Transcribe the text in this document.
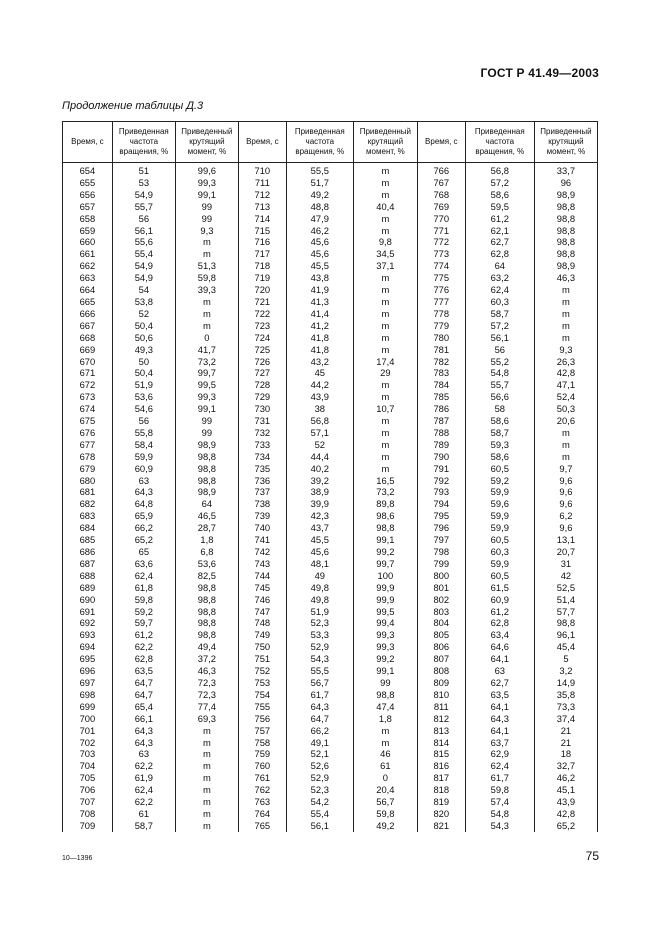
ГОСТ Р 41.49—2003
Продолжение таблицы Д.3
Время, с	Приведенная частота вращения, %	Приведенный крутящий момент, %	Время, с	Приведенная частота вращения, %	Приведенный крутящий момент, %	Время, с	Приведенная частота вращения, %	Приведенный крутящий момент, %
654	51	99,6	710	55,5	m	766	56,8	33,7
655	53	99,3	711	51,7	m	767	57,2	96
656	54,9	99,1	712	49,2	m	768	58,6	98,9
657	55,7	99	713	48,8	40,4	769	59,5	98,8
658	56	99	714	47,9	m	770	61,2	98,8
659	56,1	9,3	715	46,2	m	771	62,1	98,8
660	55,6	m	716	45,6	9,8	772	62,7	98,8
661	55,4	m	717	45,6	34,5	773	62,8	98,8
662	54,9	51,3	718	45,5	37,1	774	64	98,9
663	54,9	59,8	719	43,8	m	775	63,2	46,3
664	54	39,3	720	41,9	m	776	62,4	m
665	53,8	m	721	41,3	m	777	60,3	m
666	52	m	722	41,4	m	778	58,7	m
667	50,4	m	723	41,2	m	779	57,2	m
668	50,6	0	724	41,8	m	780	56,1	m
669	49,3	41,7	725	41,8	m	781	56	9,3
670	50	73,2	726	43,2	17,4	782	55,2	26,3
671	50,4	99,7	727	45	29	783	54,8	42,8
672	51,9	99,5	728	44,2	m	784	55,7	47,1
673	53,6	99,3	729	43,9	m	785	56,6	52,4
674	54,6	99,1	730	38	10,7	786	58	50,3
675	56	99	731	56,8	m	787	58,6	20,6
676	55,8	99	732	57,1	m	788	58,7	m
677	58,4	98,9	733	52	m	789	59,3	m
678	59,9	98,8	734	44,4	m	790	58,6	m
679	60,9	98,8	735	40,2	m	791	60,5	9,7
680	63	98,8	736	39,2	16,5	792	59,2	9,6
681	64,3	98,9	737	38,9	73,2	793	59,9	9,6
682	64,8	64	738	39,9	89,8	794	59,6	9,6
683	65,9	46,5	739	42,3	98,6	795	59,9	6,2
684	66,2	28,7	740	43,7	98,8	796	59,9	9,6
685	65,2	1,8	741	45,5	99,1	797	60,5	13,1
686	65	6,8	742	45,6	99,2	798	60,3	20,7
687	63,6	53,6	743	48,1	99,7	799	59,9	31
688	62,4	82,5	744	49	100	800	60,5	42
689	61,8	98,8	745	49,8	99,9	801	61,5	52,5
690	59,8	98,8	746	49,8	99,9	802	60,9	51,4
691	59,2	98,8	747	51,9	99,5	803	61,2	57,7
692	59,7	98,8	748	52,3	99,4	804	62,8	98,8
693	61,2	98,8	749	53,3	99,3	805	63,4	96,1
694	62,2	49,4	750	52,9	99,3	806	64,6	45,4
695	62,8	37,2	751	54,3	99,2	807	64,1	5
696	63,5	46,3	752	55,5	99,1	808	63	3,2
697	64,7	72,3	753	56,7	99	809	62,7	14,9
698	64,7	72,3	754	61,7	98,8	810	63,5	35,8
699	65,4	77,4	755	64,3	47,4	811	64,1	73,3
700	66,1	69,3	756	64,7	1,8	812	64,3	37,4
701	64,3	m	757	66,2	m	813	64,1	21
702	64,3	m	758	49,1	m	814	63,7	21
703	63	m	759	52,1	46	815	62,9	18
704	62,2	m	760	52,6	61	816	62,4	32,7
705	61,9	m	761	52,9	0	817	61,7	46,2
706	62,4	m	762	52,3	20,4	818	59,8	45,1
707	62,2	m	763	54,2	56,7	819	57,4	43,9
708	61	m	764	55,4	59,8	820	54,8	42,8
709	58,7	m	765	56,1	49,2	821	54,3	65,2
10—1396	75
